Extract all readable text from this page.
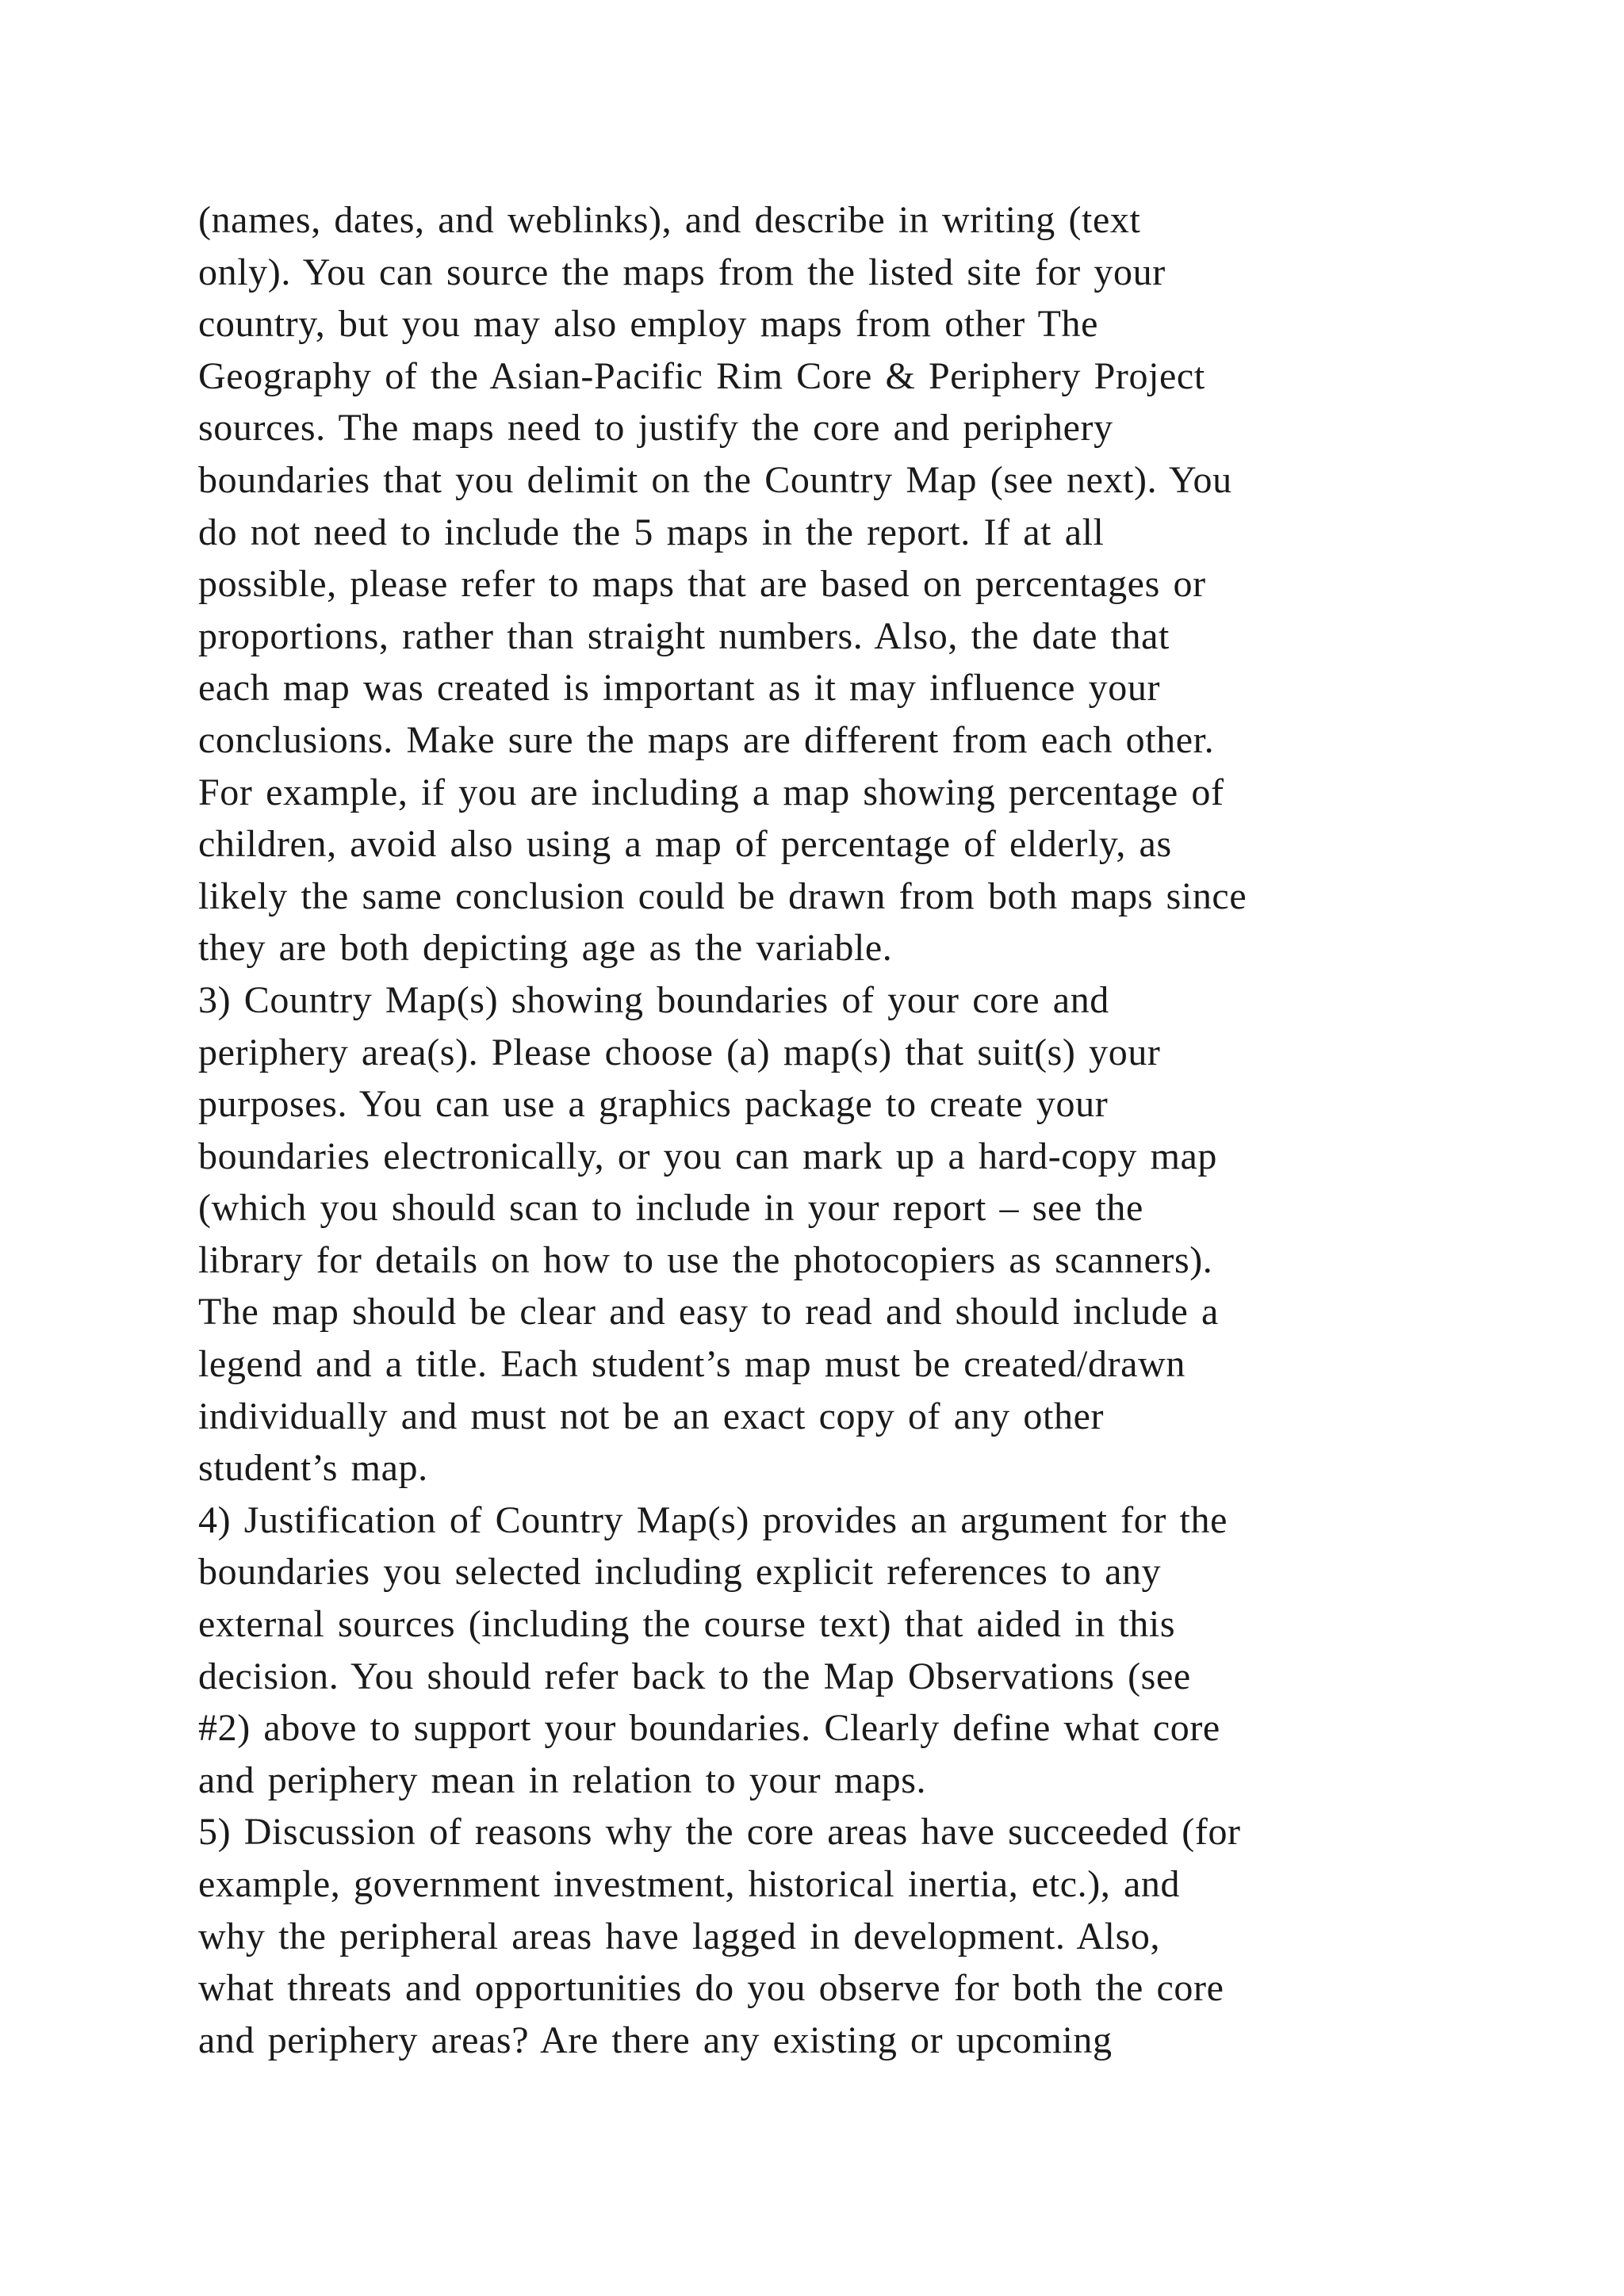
(names, dates, and weblinks), and describe in writing (text
only). You can source the maps from the listed site for your
country, but you may also employ maps from other The
Geography of the Asian-Pacific Rim Core & Periphery Project
sources. The maps need to justify the core and periphery
boundaries that you delimit on the Country Map (see next). You
do not need to include the 5 maps in the report. If at all
possible, please refer to maps that are based on percentages or
proportions, rather than straight numbers. Also, the date that
each map was created is important as it may influence your
conclusions. Make sure the maps are different from each other.
For example, if you are including a map showing percentage of
children, avoid also using a map of percentage of elderly, as
likely the same conclusion could be drawn from both maps since
they are both depicting age as the variable.
3) Country Map(s) showing boundaries of your core and
periphery area(s). Please choose (a) map(s) that suit(s) your
purposes. You can use a graphics package to create your
boundaries electronically, or you can mark up a hard-copy map
(which you should scan to include in your report – see the
library for details on how to use the photocopiers as scanners).
The map should be clear and easy to read and should include a
legend and a title. Each student’s map must be created/drawn
individually and must not be an exact copy of any other
student’s map.
4) Justification of Country Map(s) provides an argument for the
boundaries you selected including explicit references to any
external sources (including the course text) that aided in this
decision. You should refer back to the Map Observations (see
#2) above to support your boundaries. Clearly define what core
and periphery mean in relation to your maps.
5) Discussion of reasons why the core areas have succeeded (for
example, government investment, historical inertia, etc.), and
why the peripheral areas have lagged in development. Also,
what threats and opportunities do you observe for both the core
and periphery areas? Are there any existing or upcoming
